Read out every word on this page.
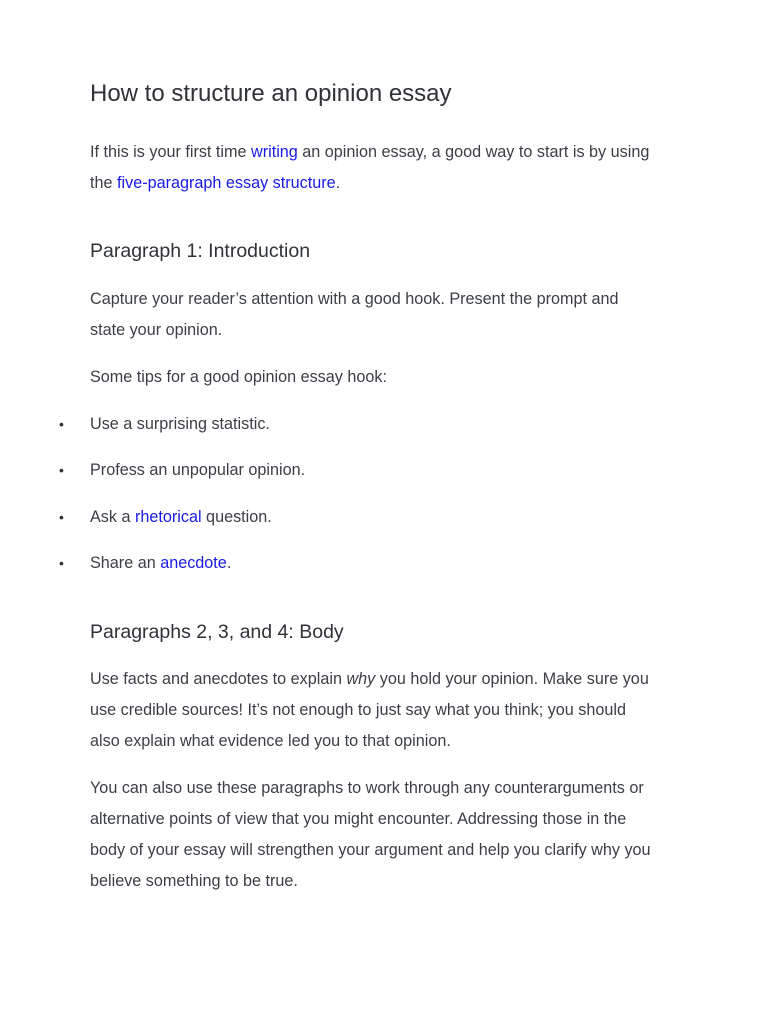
How to structure an opinion essay

If this is your first time writing an opinion essay, a good way to start is by using
the five-paragraph essay structure.

Paragraph 1: Introduction

Capture your reader’s attention with a good hook. Present the prompt and
state your opinion.

Some tips for a good opinion essay hook:

• Use a surprising statistic.
• Profess an unpopular opinion.
• Ask a rhetorical question.
• Share an anecdote.
Paragraphs 2, 3, and 4: Body

Use facts and anecdotes to explain why you hold your opinion. Make sure you
use credible sources! It’s not enough to just say what you think; you should
also explain what evidence led you to that opinion.

You can also use these paragraphs to work through any counterarguments or
alternative points of view that you might encounter. Addressing those in the
body of your essay will strengthen your argument and help you clarify why you
believe something to be true.
